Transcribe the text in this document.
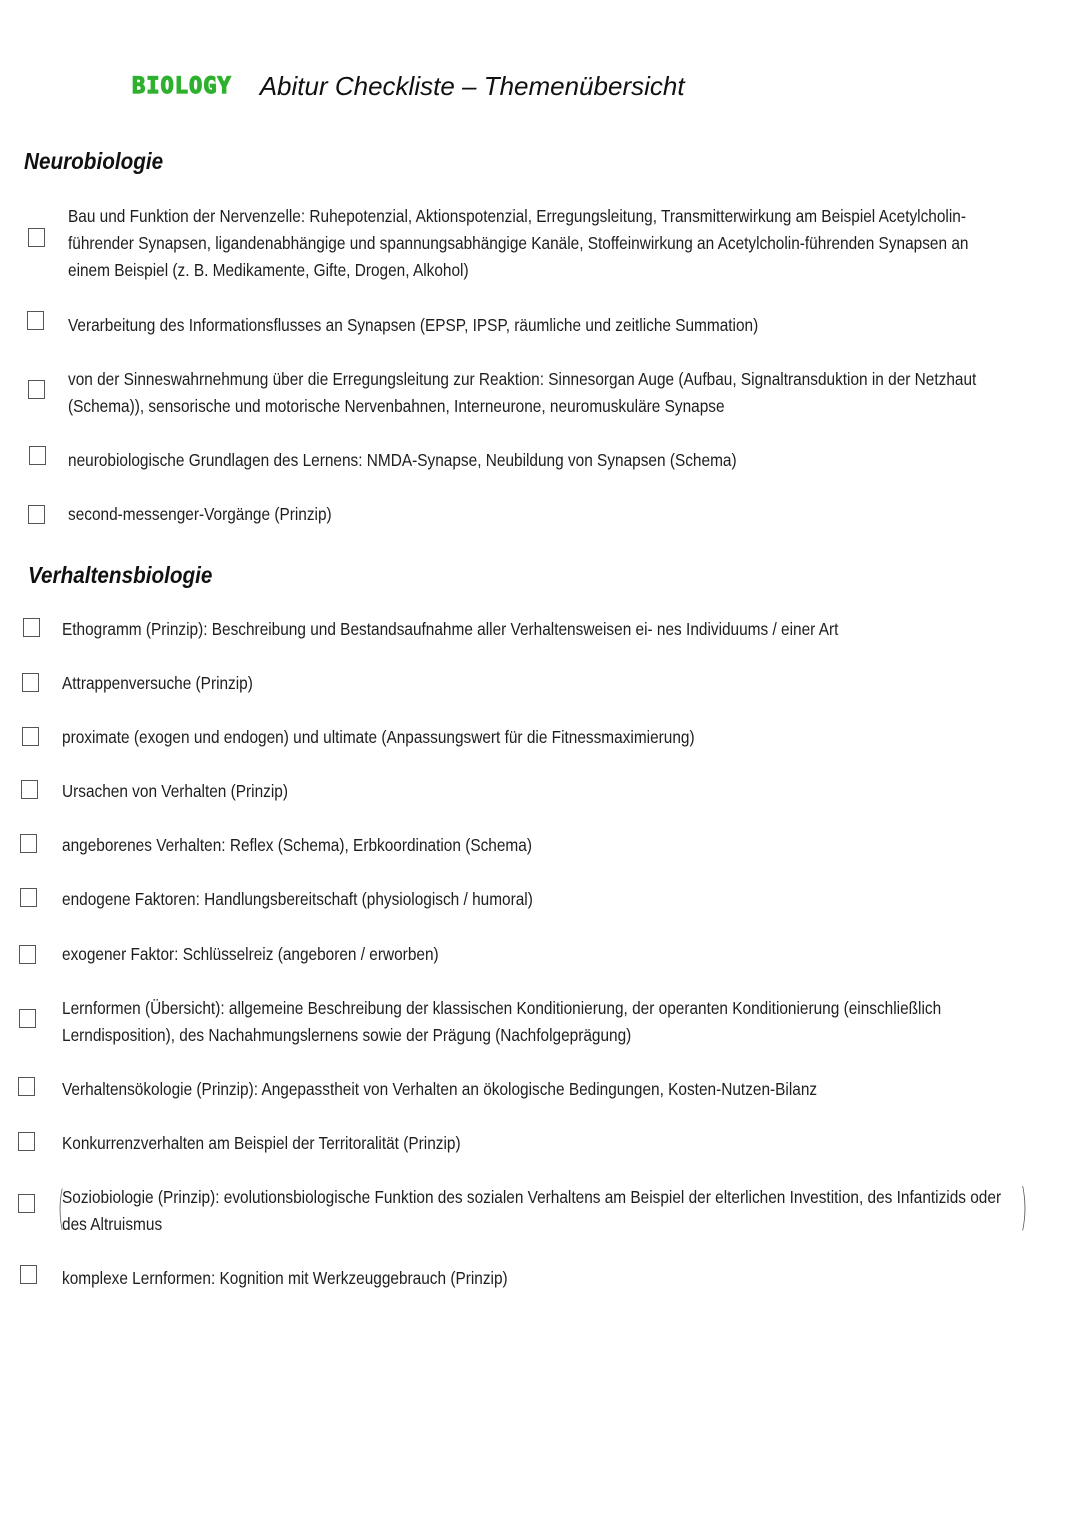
BIOLOGY Abitur Checkliste – Themenübersicht
Neurobiologie
Bau und Funktion der Nervenzelle: Ruhepotenzial, Aktionspotenzial, Erregungsleitung, Transmitterwirkung am Beispiel Acetylcholin-führender Synapsen, ligandenabhängige und spannungsabhängige Kanäle, Stoffeinwirkung an Acetylcholin-führenden Synapsen an einem Beispiel (z. B. Medikamente, Gifte, Drogen, Alkohol)
Verarbeitung des Informationsflusses an Synapsen (EPSP, IPSP, räumliche und zeitliche Summation)
von der Sinneswahrnehmung über die Erregungsleitung zur Reaktion: Sinnesorgan Auge (Aufbau, Signaltransduktion in der Netzhaut (Schema)), sensorische und motorische Nervenbahnen, Interneurone, neuromuskuläre Synapse
neurobiologische Grundlagen des Lernens: NMDA-Synapse, Neubildung von Synapsen (Schema)
second-messenger-Vorgänge (Prinzip)
Verhaltensbiologie
Ethogramm (Prinzip): Beschreibung und Bestandsaufnahme aller Verhaltensweisen ei- nes Individuums / einer Art
Attrappenversuche (Prinzip)
proximate (exogen und endogen) und ultimate (Anpassungswert für die Fitnessmaximierung)
Ursachen von Verhalten (Prinzip)
angeborenes Verhalten: Reflex (Schema), Erbkoordination (Schema)
endogene Faktoren: Handlungsbereitschaft (physiologisch / humoral)
exogener Faktor: Schlüsselreiz (angeboren / erworben)
Lernformen (Übersicht): allgemeine Beschreibung der klassischen Konditionierung, der operanten Konditionierung (einschließlich Lerndisposition), des Nachahmungslernens sowie der Prägung (Nachfolgeprägung)
Verhaltensökologie (Prinzip): Angepasstheit von Verhalten an ökologische Bedingungen, Kosten-Nutzen-Bilanz
Konkurrenzverhalten am Beispiel der Territoralität (Prinzip)
(
Soziobiologie (Prinzip): evolutionsbiologische Funktion des sozialen Verhaltens am Beispiel der elterlichen Investition, des Infantizids oder des Altruismus	)
komplexe Lernformen: Kognition mit Werkzeuggebrauch (Prinzip)
